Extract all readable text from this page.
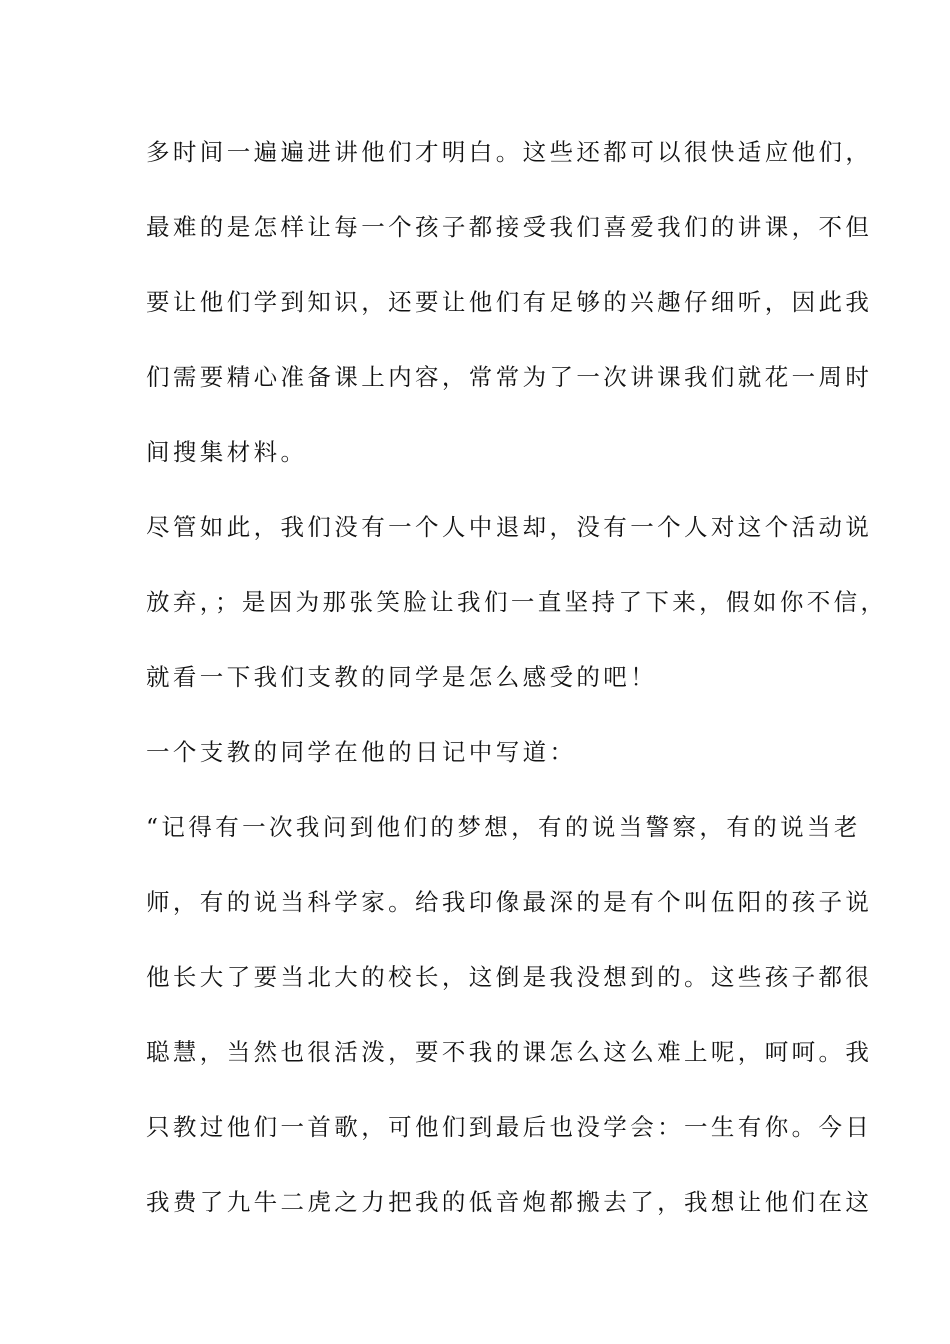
多时间一遍遍进讲他们才明白。这些还都可以很快适应他们，
最难的是怎样让每一个孩子都接受我们喜爱我们的讲课，不但
要让他们学到知识，还要让他们有足够的兴趣仔细听，因此我
们需要精心准备课上内容，常常为了一次讲课我们就花一周时
间搜集材料。
尽管如此，我们没有一个人中退却，没有一个人对这个活动说
放弃，；是因为那张笑脸让我们一直坚持了下来，假如你不信，
就看一下我们支教的同学是怎么感受的吧！
一个支教的同学在他的日记中写道：
“记得有一次我问到他们的梦想，有的说当警察，有的说当老
师，有的说当科学家。给我印像最深的是有个叫伍阳的孩子说
他长大了要当北大的校长，这倒是我没想到的。这些孩子都很
聪慧，当然也很活泼，要不我的课怎么这么难上呢，呵呵。我
只教过他们一首歌，可他们到最后也没学会：一生有你。今日
我费了九牛二虎之力把我的低音炮都搬去了，我想让他们在这
